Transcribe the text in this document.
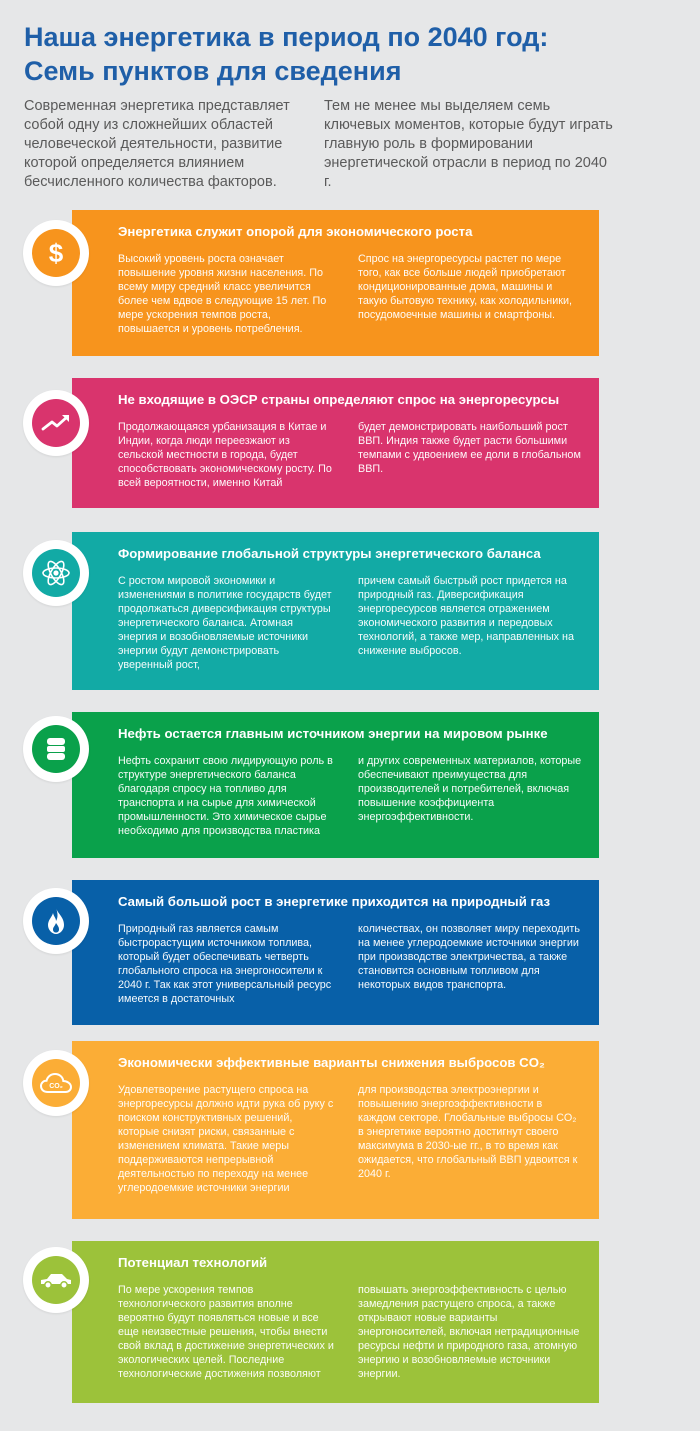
Наша энергетика в период по 2040 год:
Семь пунктов для сведения

Современная энергетика представляет собой одну из сложнейших областей человеческой деятельности, развитие которой определяется влиянием бесчисленного количества факторов.

Тем не менее мы выделяем семь ключевых моментов, которые будут играть главную роль в формировании энергетической отрасли в период по 2040 г.

Энергетика служит опорой для экономического роста

Высокий уровень роста означает повышение уровня жизни населения. По всему миру средний класс увеличится более чем вдвое в следующие 15 лет. По мере ускорения темпов роста, повышается и уровень потребления.

Спрос на энергоресурсы растет по мере того, как все больше людей приобретают кондиционированные дома, машины и такую бытовую технику, как холодильники, посудомоечные машины и смартфоны.

$
Не входящие в ОЭСР страны определяют спрос на энергоресурсы

Продолжающаяся урбанизация в Китае и Индии, когда люди переезжают из сельской местности в города, будет способствовать экономическому росту. По всей вероятности, именно Китай

будет демонстрировать наибольший рост ВВП. Индия также будет расти большими темпами с удвоением ее доли в глобальном ВВП.

Формирование глобальной структуры энергетического баланса

С ростом мировой экономики и изменениями в политике государств будет продолжаться диверсификация структуры энергетического баланса. Атомная энергия и возобновляемые источники энергии будут демонстрировать уверенный рост,

причем самый быстрый рост придется на природный газ. Диверсификация энергоресурсов является отражением экономического развития и передовых технологий, а также мер, направленных на снижение выбросов.

Нефть остается главным источником энергии на мировом рынке

Нефть сохранит свою лидирующую роль в структуре энергетического баланса благодаря спросу на топливо для транспорта и на сырье для химической промышленности. Это химическое сырье необходимо для производства пластика

и других современных материалов, которые обеспечивают преимущества для производителей и потребителей, включая повышение коэффициента энергоэффективности.

Самый большой рост в энергетике приходится на природный газ

Природный газ является самым быстрорастущим источником топлива, который будет обеспечивать четверть глобального спроса на энергоносители к 2040 г. Так как этот универсальный ресурс имеется в достаточных

количествах, он позволяет миру переходить на менее углеродоемкие источники энергии при производстве электричества, а также становится основным топливом для некоторых видов транспорта.

Экономически эффективные варианты снижения выбросов CO₂

Удовлетворение растущего спроса на энергоресурсы должно идти рука об руку с поиском конструктивных решений, которые снизят риски, связанные с изменением климата. Такие меры поддерживаются непрерывной деятельностью по переходу на менее углеродоемкие источники энергии

для производства электроэнергии и повышению энергоэффективности в каждом секторе. Глобальные выбросы CO₂ в энергетике вероятно достигнут своего максимума в 2030-ые гг., в то время как ожидается, что глобальный ВВП удвоится к 2040 г.

CO₂
Потенциал технологий

По мере ускорения темпов технологического развития вполне вероятно будут появляться новые и все еще неизвестные решения, чтобы внести свой вклад в достижение энергетических и экологических целей. Последние технологические достижения позволяют

повышать энергоэффективность с целью замедления растущего спроса, а также открывают новые варианты энергоносителей, включая нетрадиционные ресурсы нефти и природного газа, атомную энергию и возобновляемые источники энергии.
